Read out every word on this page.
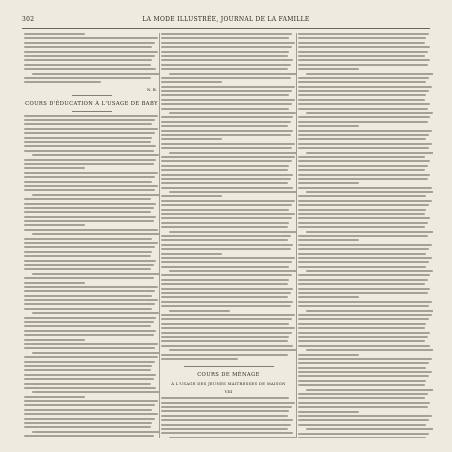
302	LA MODE ILLUSTRÉE, JOURNAL DE LA FAMILLE
N. B.
COURS D'ÉDUCATION À L'USAGE DE BABY
COURS DE MÉNAGE
À L'USAGE DES JEUNES MAITRESSES DE MAISON
VIII
